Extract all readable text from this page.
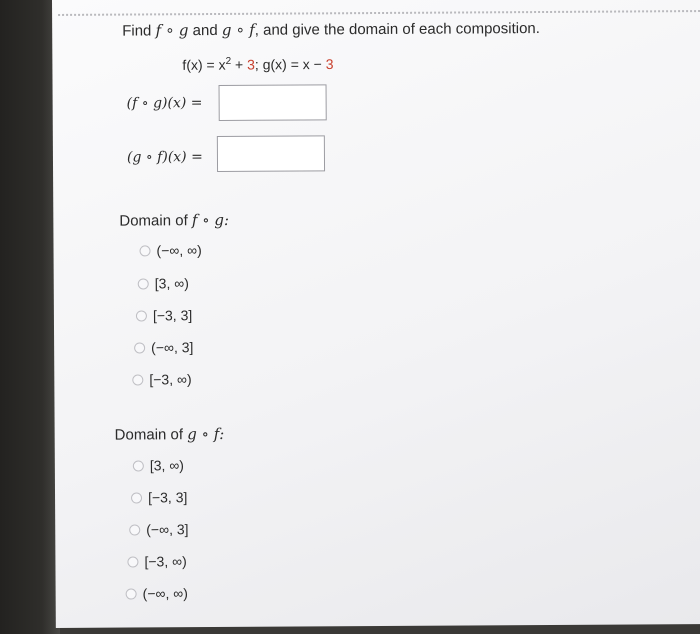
Find f ∘ g and g ∘ f, and give the domain of each composition.
$f(x) = x^2 + 3$; g(x) = x − 3
(f ∘ g)(x) =
(g ∘ f)(x) =
Domain of f ∘ g:
(−∞, ∞)
[3, ∞)
[−3, 3]
(−∞, 3]
[−3, ∞)
Domain of g ∘ f:
[3, ∞)
[−3, 3]
(−∞, 3]
[−3, ∞)
(−∞, ∞)
